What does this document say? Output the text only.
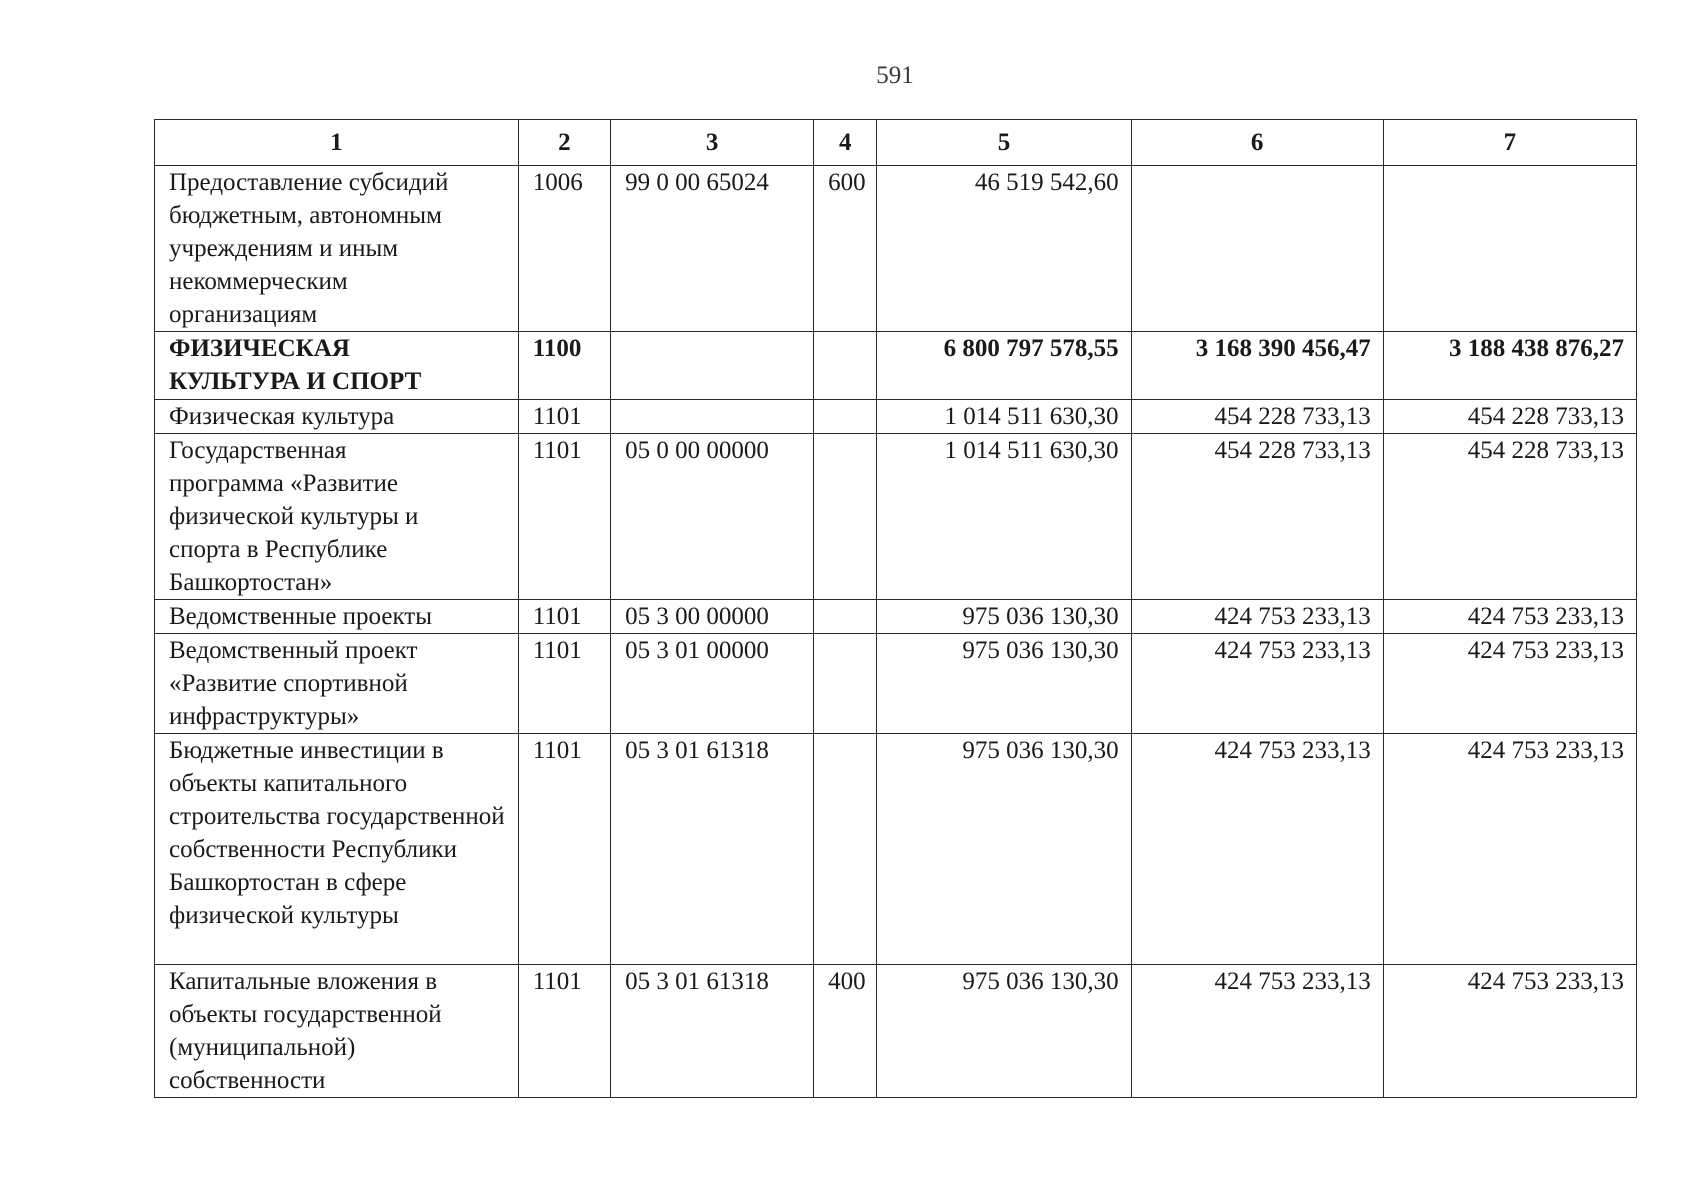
591
1	2	3	4	5	6	7

Предоставление субсидий бюджетным, автономным учреждениям и иным некоммерческим организациям	1006	99 0 00 65024	600	46 519 542,60		

ФИЗИЧЕСКАЯ КУЛЬТУРА И СПОРТ	1100			6 800 797 578,55	3 168 390 456,47	3 188 438 876,27

Физическая культура	1101			1 014 511 630,30	454 228 733,13	454 228 733,13

Государственная программа «Развитие физической культуры и спорта в Республике Башкортостан»	1101	05 0 00 00000		1 014 511 630,30	454 228 733,13	454 228 733,13

Ведомственные проекты	1101	05 3 00 00000		975 036 130,30	424 753 233,13	424 753 233,13

Ведомственный проект «Развитие спортивной инфраструктуры»	1101	05 3 01 00000		975 036 130,30	424 753 233,13	424 753 233,13

Бюджетные инвестиции в объекты капитального строительства государственной собственности Республики Башкортостан в сфере физической культуры	1101	05 3 01 61318		975 036 130,30	424 753 233,13	424 753 233,13

Капитальные вложения в объекты государственной (муниципальной) собственности	1101	05 3 01 61318	400	975 036 130,30	424 753 233,13	424 753 233,13
